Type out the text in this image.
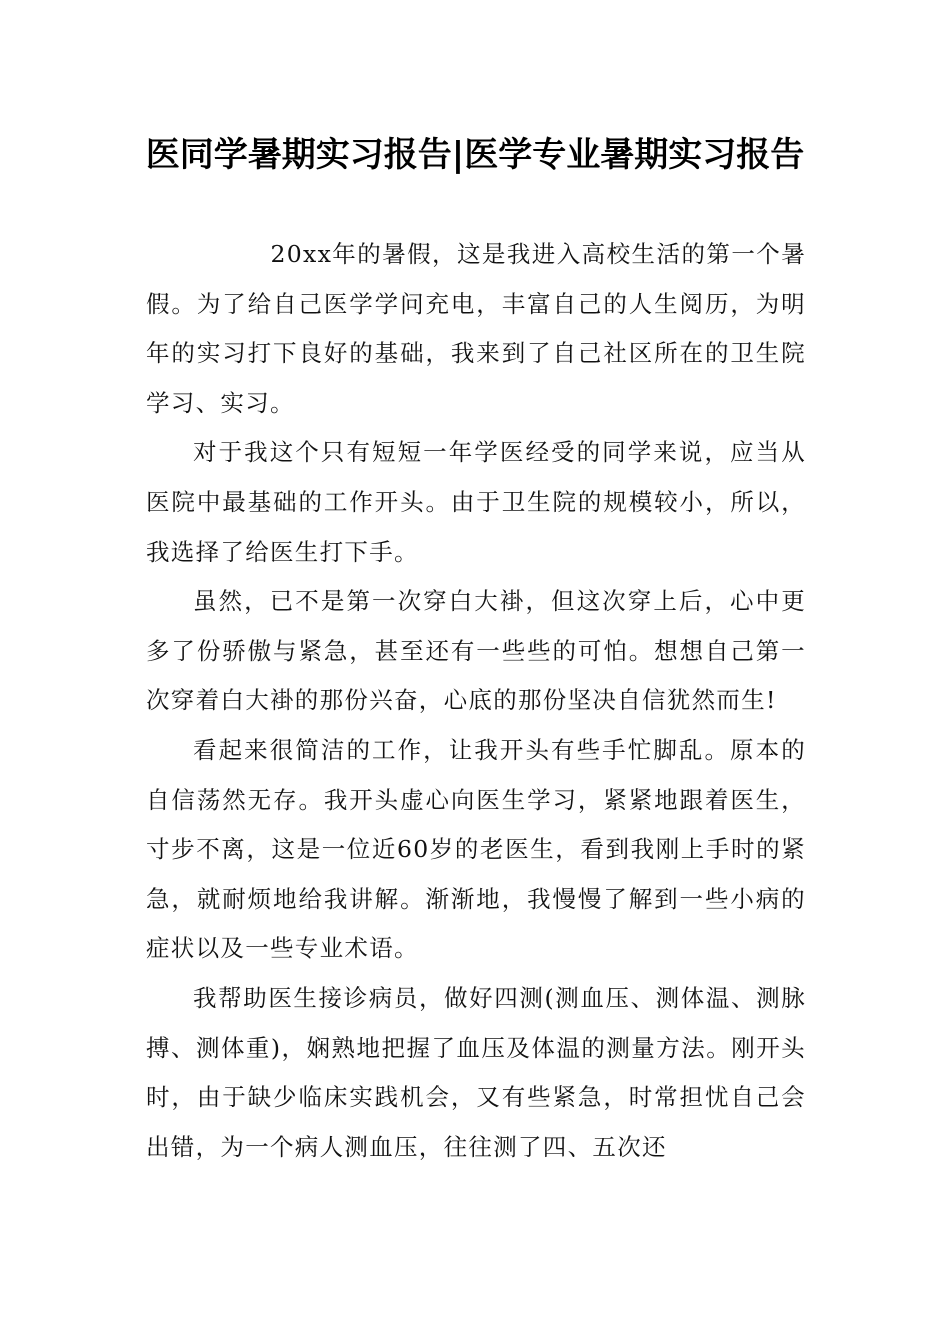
医同学暑期实习报告|医学专业暑期实习报告

20xx年的暑假，这是我进入高校生活的第一个暑假。为了给自己医学学问充电，丰富自己的人生阅历，为明年的实习打下良好的基础，我来到了自己社区所在的卫生院学习、实习。

对于我这个只有短短一年学医经受的同学来说，应当从医院中最基础的工作开头。由于卫生院的规模较小，所以，我选择了给医生打下手。

虽然，已不是第一次穿白大褂，但这次穿上后，心中更多了份骄傲与紧急，甚至还有一些些的可怕。想想自己第一次穿着白大褂的那份兴奋，心底的那份坚决自信犹然而生!

看起来很简洁的工作，让我开头有些手忙脚乱。原本的自信荡然无存。我开头虚心向医生学习，紧紧地跟着医生，寸步不离，这是一位近60岁的老医生，看到我刚上手时的紧急，就耐烦地给我讲解。渐渐地，我慢慢了解到一些小病的症状以及一些专业术语。

我帮助医生接诊病员，做好四测(测血压、测体温、测脉搏、测体重)，娴熟地把握了血压及体温的测量方法。刚开头时，由于缺少临床实践机会，又有些紧急，时常担忧自己会出错，为一个病人测血压，往往测了四、五次还
